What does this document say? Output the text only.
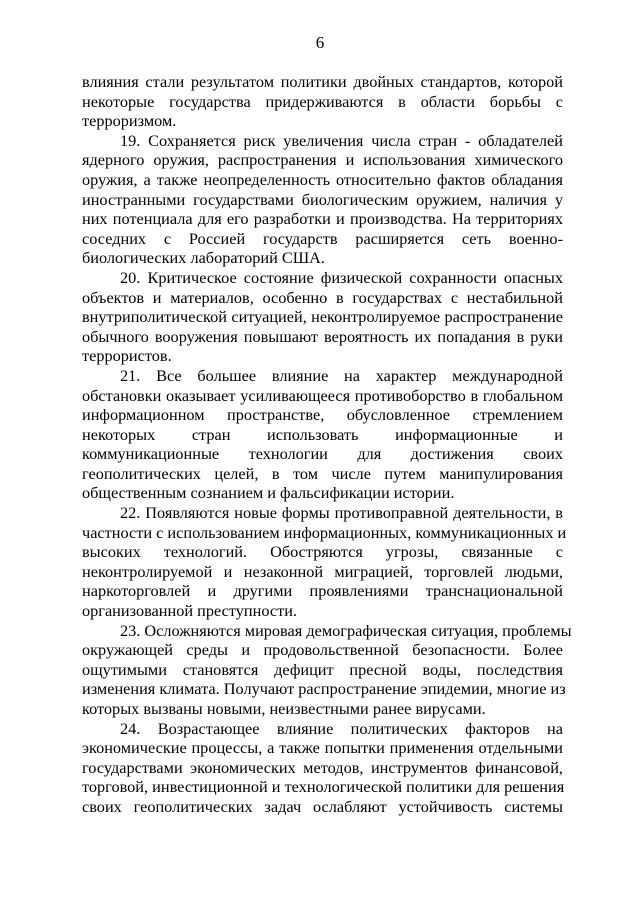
6
влияния стали результатом политики двойных стандартов, которой
некоторые государства придерживаются в области борьбы с
терроризмом.
19. Сохраняется риск увеличения числа стран - обладателей
ядерного оружия, распространения и использования химического
оружия, а также неопределенность относительно фактов обладания
иностранными государствами биологическим оружием, наличия у
них потенциала для его разработки и производства. На территориях
соседних с Россией государств расширяется сеть военно-
биологических лабораторий США.
20. Критическое состояние физической сохранности опасных
объектов и материалов, особенно в государствах с нестабильной
внутриполитической ситуацией, неконтролируемое распространение
обычного вооружения повышают вероятность их попадания в руки
террористов.
21. Все большее влияние на характер международной
обстановки оказывает усиливающееся противоборство в глобальном
информационном пространстве, обусловленное стремлением
некоторых стран использовать информационные и
коммуникационные технологии для достижения своих
геополитических целей, в том числе путем манипулирования
общественным сознанием и фальсификации истории.
22. Появляются новые формы противоправной деятельности, в
частности с использованием информационных, коммуникационных и
высоких технологий. Обостряются угрозы, связанные с
неконтролируемой и незаконной миграцией, торговлей людьми,
наркоторговлей и другими проявлениями транснациональной
организованной преступности.
23. Осложняются мировая демографическая ситуация, проблемы
окружающей среды и продовольственной безопасности. Более
ощутимыми становятся дефицит пресной воды, последствия
изменения климата. Получают распространение эпидемии, многие из
которых вызваны новыми, неизвестными ранее вирусами.
24. Возрастающее влияние политических факторов на
экономические процессы, а также попытки применения отдельными
государствами экономических методов, инструментов финансовой,
торговой, инвестиционной и технологической политики для решения
своих геополитических задач ослабляют устойчивость системы
